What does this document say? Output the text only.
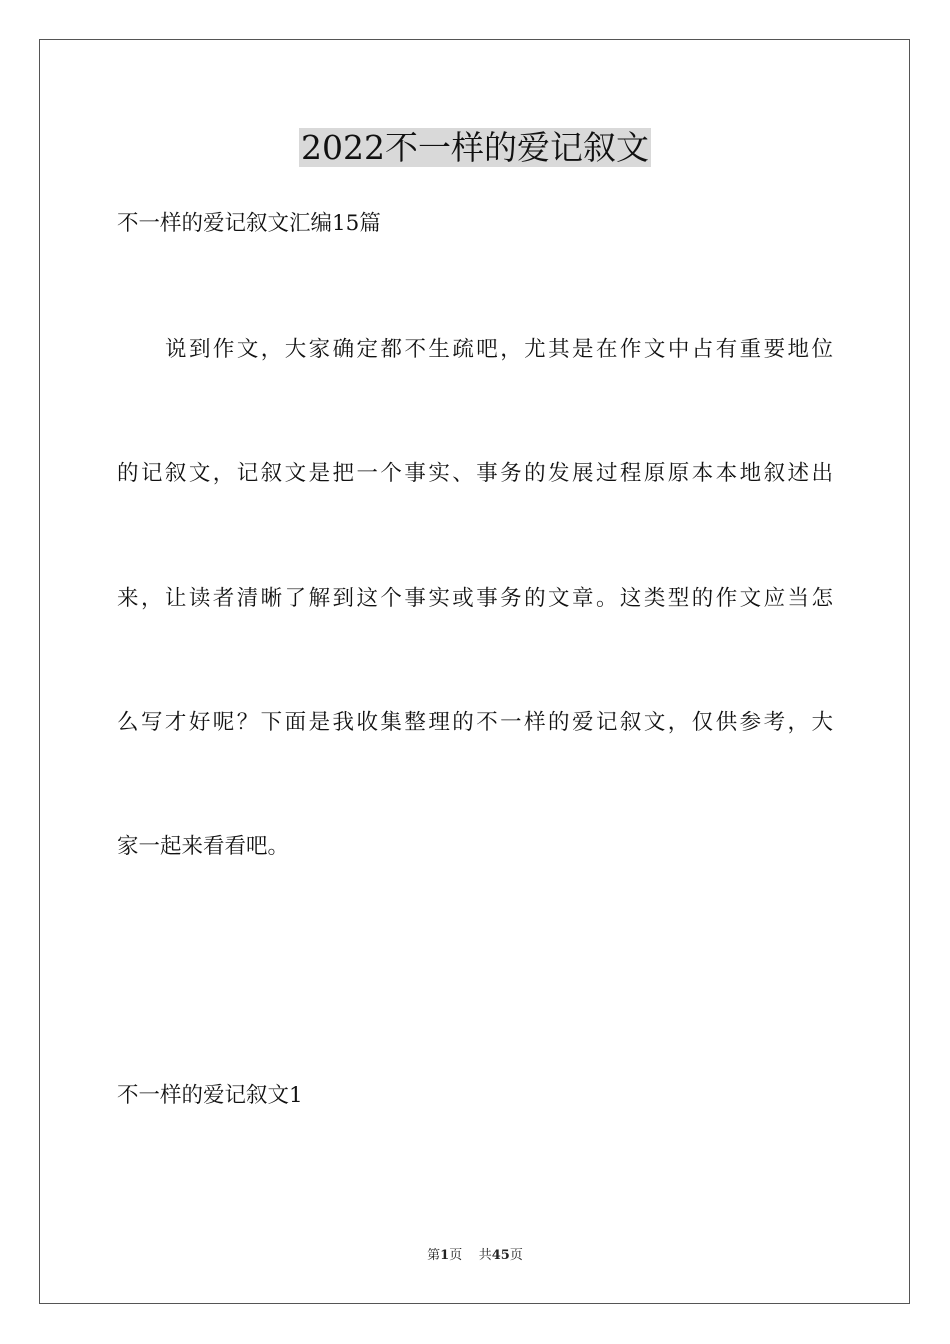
2022不一样的爱记叙文
不一样的爱记叙文汇编15篇
说到作文，大家确定都不生疏吧，尤其是在作文中占有重要地位
的记叙文，记叙文是把一个事实、事务的发展过程原原本本地叙述出
来，让读者清晰了解到这个事实或事务的文章。这类型的作文应当怎
么写才好呢？下面是我收集整理的不一样的爱记叙文，仅供参考，大
家一起来看看吧。
不一样的爱记叙文1
第1页 共45页
